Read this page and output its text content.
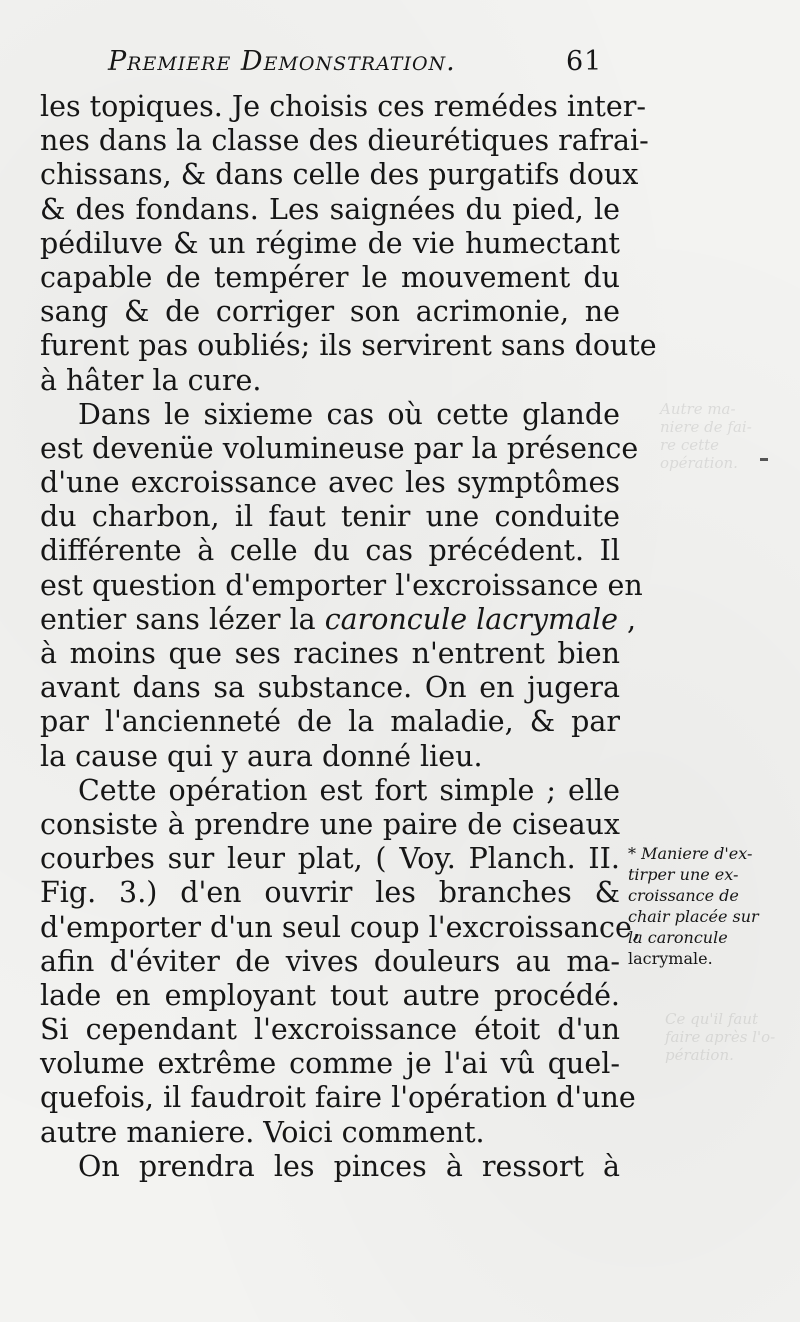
Autre ma-
niere de fai-
re cette opération.
Ce qu'il faut
faire après l'o-
pération.
Premiere Demonstration.	61
les topiques. Je choisis ces remédes inter-
nes dans la classe des dieurétiques rafrai-
chissans, & dans celle des purgatifs doux
& des fondans. Les saignées du pied, le
pédiluve & un régime de vie humectant
capable de tempérer le mouvement du
sang & de corriger son acrimonie, ne
furent pas oubliés; ils servirent sans doute
à hâter la cure.
Dans le sixieme cas où cette glande
est devenüe volumineuse par la présence
d'une excroissance avec les symptômes
du charbon, il faut tenir une conduite
différente à celle du cas précédent. Il
est question d'emporter l'excroissance en
entier sans lézer la caroncule lacrymale ,
à moins que ses racines n'entrent bien
avant dans sa substance. On en jugera
par l'ancienneté de la maladie, & par
la cause qui y aura donné lieu.
Cette opération est fort simple ; elle
consiste à prendre une paire de ciseaux
courbes sur leur plat, ( Voy. Planch. II.
Fig. 3.) d'en ouvrir les branches &
d'emporter d'un seul coup l'excroissance,
afin d'éviter de vives douleurs au ma-
lade en employant tout autre procédé.
Si cependant l'excroissance étoit d'un
volume extrême comme je l'ai vû quel-
quefois, il faudroit faire l'opération d'une
autre maniere. Voici comment.
On prendra les pinces à ressort à
* Maniere d'ex-
tirper une ex-
croissance de
chair placée sur
la caroncule
lacrymale.
